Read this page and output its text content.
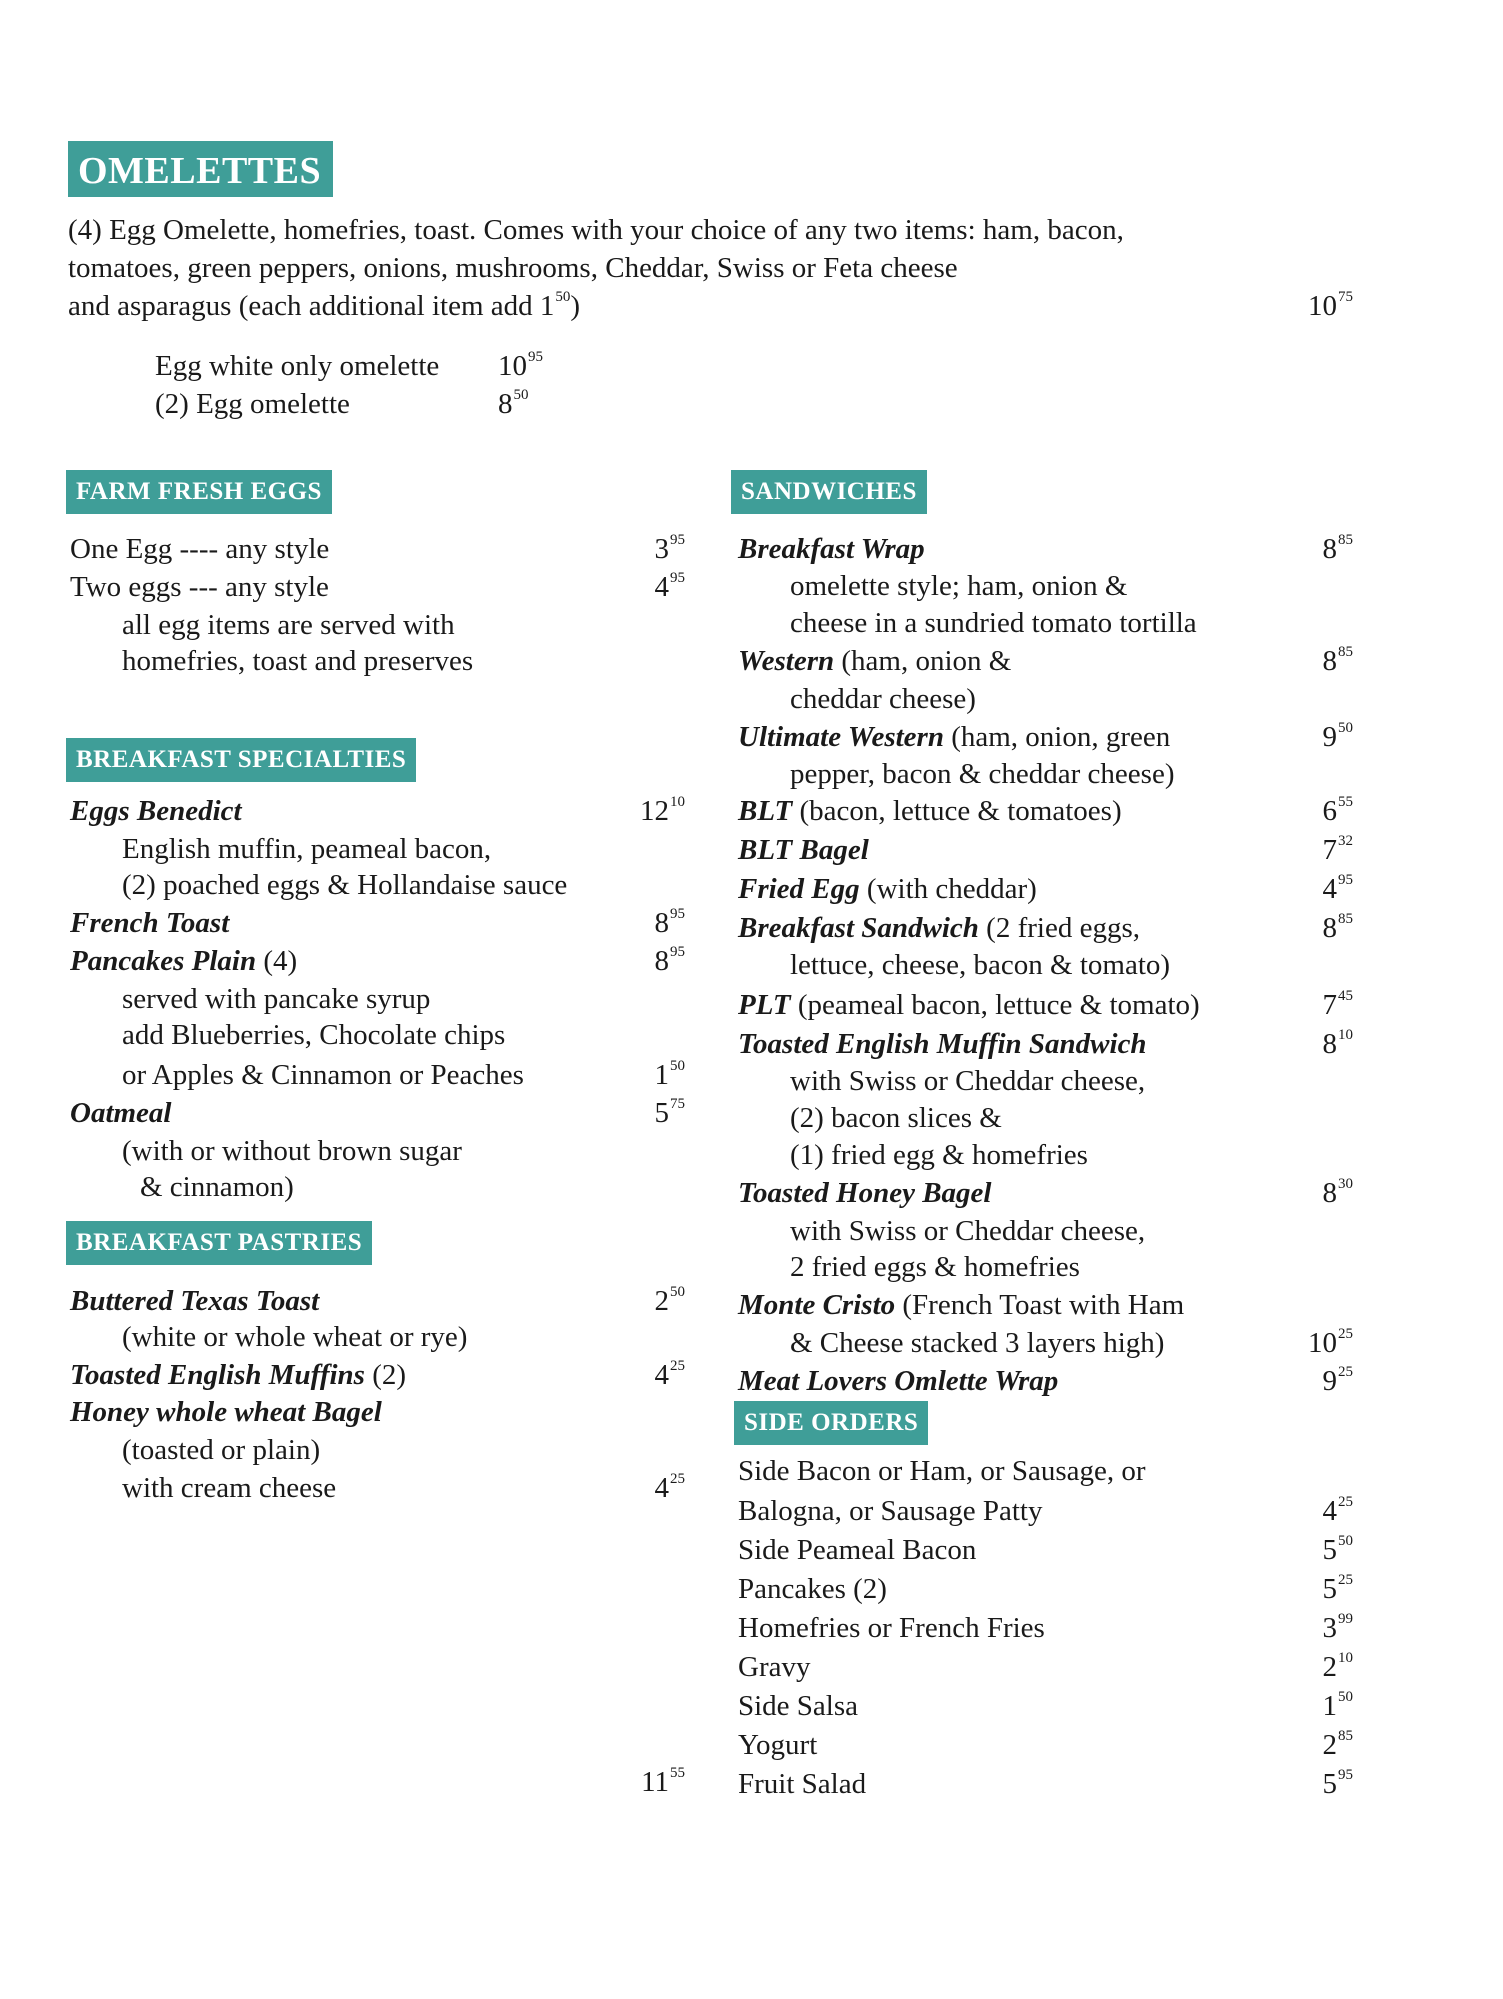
OMELETTES
(4) Egg Omelette, homefries, toast. Comes with your choice of any two items: ham, bacon,
tomatoes, green peppers, onions, mushrooms, Cheddar, Swiss or Feta cheese
and asparagus (each additional item add $1^{50}$)	$10^{75}$
Egg white only omelette $10^{95}$
(2) Egg omelette	$8^{50}$
FARM FRESH EGGS
One Egg ---- any style	$3^{95}$
Two eggs --- any style	$4^{95}$
all egg items are served with
homefries, toast and preserves
BREAKFAST SPECIALTIES
Eggs Benedict	$12^{10}$
English muffin, peameal bacon,
(2) poached eggs & Hollandaise sauce
French Toast	$8^{95}$
Pancakes Plain (4)	$8^{95}$
served with pancake syrup
add Blueberries, Chocolate chips
or Apples & Cinnamon or Peaches	$1^{50}$
Oatmeal	$5^{75}$
(with or without brown sugar
& cinnamon)
BREAKFAST PASTRIES
Buttered Texas Toast	$2^{50}$
(white or whole wheat or rye)
Toasted English Muffins (2)	$4^{25}$
Honey whole wheat Bagel
(toasted or plain)
with cream cheese	$4^{25}$
$11^{55}$
SANDWICHES
Breakfast Wrap	$8^{85}$
omelette style; ham, onion &
cheese in a sundried tomato tortilla
Western (ham, onion &	$8^{85}$
cheddar cheese)
Ultimate Western (ham, onion, green	$9^{50}$
pepper, bacon & cheddar cheese)
BLT (bacon, lettuce & tomatoes)	$6^{55}$
BLT Bagel	$7^{32}$
Fried Egg (with cheddar)	$4^{95}$
Breakfast Sandwich (2 fried eggs,	$8^{85}$
lettuce, cheese, bacon & tomato)
PLT (peameal bacon, lettuce & tomato)	$7^{45}$
Toasted English Muffin Sandwich	$8^{10}$
with Swiss or Cheddar cheese,
(2) bacon slices &
(1) fried egg & homefries
Toasted Honey Bagel	$8^{30}$
with Swiss or Cheddar cheese,
2 fried eggs & homefries
Monte Cristo (French Toast with Ham
& Cheese stacked 3 layers high)	$10^{25}$
Meat Lovers Omlette Wrap	$9^{25}$
SIDE ORDERS
Side Bacon or Ham, or Sausage, or
Balogna, or Sausage Patty	$4^{25}$
Side Peameal Bacon	$5^{50}$
Pancakes (2)	$5^{25}$
Homefries or French Fries	$3^{99}$
Gravy	$2^{10}$
Side Salsa	$1^{50}$
Yogurt	$2^{85}$
Fruit Salad	$5^{95}$
